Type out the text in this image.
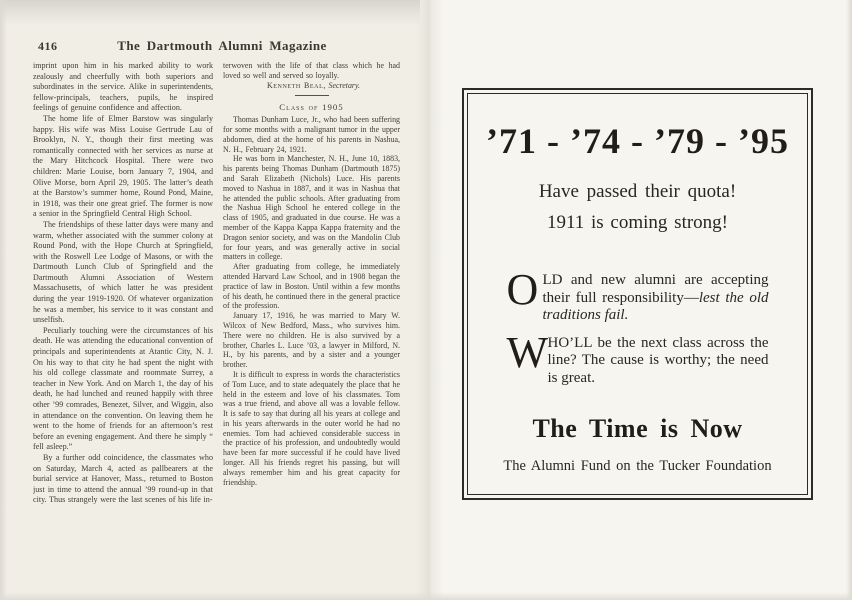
416	The Dartmouth Alumni Magazine

imprint upon him in his marked ability to work zealously and cheerfully with both superiors and subordinates in the service. Alike in superintendents, fellow-principals, teachers, pupils, he inspired feelings of genuine confidence and affection.

The home life of Elmer Barstow was singularly happy. His wife was Miss Louise Gertrude Lau of Brooklyn, N. Y., though their first meeting was romantically connected with her services as nurse at the Mary Hitchcock Hospital. There were two children: Marie Louise, born January 7, 1904, and Olive Morse, born April 29, 1905. The latter’s death at the Barstow’s summer home, Round Pond, Maine, in 1918, was their one great grief. The former is now a senior in the Springfield Central High School.

The friendships of these latter days were many and warm, whether associated with the summer colony at Round Pond, with the Hope Church at Springfield, with the Roswell Lee Lodge of Masons, or with the Dartmouth Lunch Club of Springfield and the Dartmouth Alumni Association of Western Massachusetts, of which latter he was president during the year 1919-1920. Of whatever organization he was a member, his service to it was constant and unselfish.

Peculiarly touching were the circumstances of his death. He was attending the educational convention of principals and superintendents at Atantic City, N. J. On his way to that city he had spent the night with his old college classmate and roommate Surrey, a teacher in New York. And on March 1, the day of his death, he had lunched and reuned happily with three other ’99 comrades, Benezet, Silver, and Wiggin, also in attendance on the convention. On leaving them he went to the home of friends for an afternoon’s rest before an evening engagement. And there he simply “ fell asleep.”

By a further odd coincidence, the classmates who on Saturday, March 4, acted as pallbearers at the burial service at Hanover, Mass., returned to Boston just in time to attend the annual ’99 round-up in that city. Thus strangely were the last scenes of his life in-

terwoven with the life of that class which he had loved so well and served so loyally.

Kenneth Beal, Secretary.

Class of 1905

Thomas Dunham Luce, Jr., who had been suffering for some months with a malignant tumor in the upper abdomen, died at the home of his parents in Nashua, N. H., February 24, 1921.

He was born in Manchester, N. H., June 10, 1883, his parents being Thomas Dunham (Dartmouth 1875) and Sarah Elizabeth (Nichols) Luce. His parents moved to Nashua in 1887, and it was in Nashua that he attended the public schools. After graduating from the Nashua High School he entered college in the class of 1905, and graduated in due course. He was a member of the Kappa Kappa Kappa fraternity and the Dragon senior society, and was on the Mandolin Club for four years, and was generally active in social matters in college.

After graduating from college, he immediately attended Harvard Law School, and in 1908 began the practice of law in Boston. Until within a few months of his death, he continued there in the general practice of the profession.

January 17, 1916, he was married to Mary W. Wilcox of New Bedford, Mass., who survives him. There were no children. He is also survived by a brother, Charles L. Luce ’03, a lawyer in Milford, N. H., by his parents, and by a sister and a younger brother.

It is difficult to express in words the characteristics of Tom Luce, and to state adequately the place that he held in the esteem and love of his classmates. Tom was a true friend, and above all was a lovable fellow. It is safe to say that during all his years at college and in his years afterwards in the outer world he had no enemies. Tom had achieved considerable success in the practice of his profession, and undoubtedly would have been far more successful if he could have lived longer. All his friends regret his passing, but will always remember him and his great capacity for friendship.

’71 - ’74 - ’79 - ’95
Have passed their quota!
1911 is coming strong!

O LD and new alumni are accepting their full responsibility—lest the old traditions fail.

W HO’LL be the next class across the line? The cause is worthy; the need is great.

The Time is Now
The Alumni Fund on the Tucker Foundation
